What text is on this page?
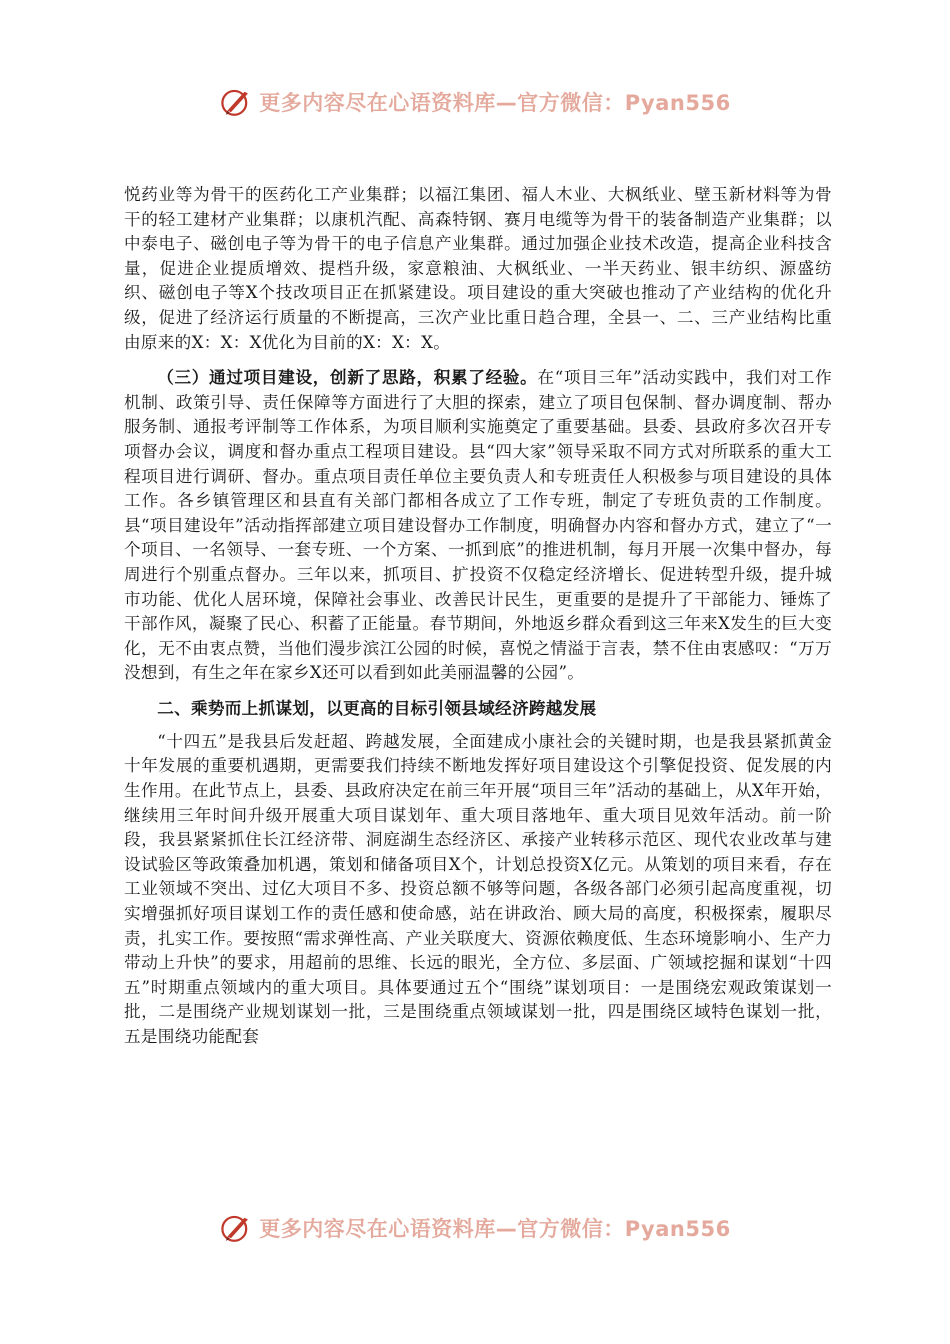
更多内容尽在心语资料库—官方微信：Pyan556

悦药业等为骨干的医药化工产业集群；以福江集团、福人木业、大枫纸业、壁玉新材料等为骨干的轻工建材产业集群；以康机汽配、高森特钢、赛月电缆等为骨干的装备制造产业集群；以中泰电子、磁创电子等为骨干的电子信息产业集群。通过加强企业技术改造，提高企业科技含量，促进企业提质增效、提档升级，家意粮油、大枫纸业、一半天药业、银丰纺织、源盛纺织、磁创电子等X个技改项目正在抓紧建设。项目建设的重大突破也推动了产业结构的优化升级，促进了经济运行质量的不断提高，三次产业比重日趋合理，全县一、二、三产业结构比重由原来的X：X：X优化为目前的X：X：X。

（三）通过项目建设，创新了思路，积累了经验。在“项目三年”活动实践中，我们对工作机制、政策引导、责任保障等方面进行了大胆的探索，建立了项目包保制、督办调度制、帮办服务制、通报考评制等工作体系，为项目顺利实施奠定了重要基础。县委、县政府多次召开专项督办会议，调度和督办重点工程项目建设。县“四大家”领导采取不同方式对所联系的重大工程项目进行调研、督办。重点项目责任单位主要负责人和专班责任人积极参与项目建设的具体工作。各乡镇管理区和县直有关部门都相各成立了工作专班，制定了专班负责的工作制度。县“项目建设年”活动指挥部建立项目建设督办工作制度，明确督办内容和督办方式，建立了“一个项目、一名领导、一套专班、一个方案、一抓到底”的推进机制，每月开展一次集中督办，每周进行个别重点督办。三年以来，抓项目、扩投资不仅稳定经济增长、促进转型升级，提升城市功能、优化人居环境，保障社会事业、改善民计民生，更重要的是提升了干部能力、锤炼了干部作风，凝聚了民心、积蓄了正能量。春节期间，外地返乡群众看到这三年来X发生的巨大变化，无不由衷点赞，当他们漫步滨江公园的时候，喜悦之情溢于言表，禁不住由衷感叹：“万万没想到，有生之年在家乡X还可以看到如此美丽温馨的公园”。

二、乘势而上抓谋划，以更高的目标引领县域经济跨越发展

“十四五”是我县后发赶超、跨越发展，全面建成小康社会的关键时期，也是我县紧抓黄金十年发展的重要机遇期，更需要我们持续不断地发挥好项目建设这个引擎促投资、促发展的内生作用。在此节点上，县委、县政府决定在前三年开展“项目三年”活动的基础上，从X年开始，继续用三年时间升级开展重大项目谋划年、重大项目落地年、重大项目见效年活动。前一阶段，我县紧紧抓住长江经济带、洞庭湖生态经济区、承接产业转移示范区、现代农业改革与建设试验区等政策叠加机遇，策划和储备项目X个，计划总投资X亿元。从策划的项目来看，存在工业领域不突出、过亿大项目不多、投资总额不够等问题，各级各部门必须引起高度重视，切实增强抓好项目谋划工作的责任感和使命感，站在讲政治、顾大局的高度，积极探索，履职尽责，扎实工作。要按照“需求弹性高、产业关联度大、资源依赖度低、生态环境影响小、生产力带动上升快”的要求，用超前的思维、长远的眼光，全方位、多层面、广领域挖掘和谋划“十四五”时期重点领域内的重大项目。具体要通过五个“围绕”谋划项目：一是围绕宏观政策谋划一批，二是围绕产业规划谋划一批，三是围绕重点领域谋划一批，四是围绕区域特色谋划一批，五是围绕功能配套

更多内容尽在心语资料库—官方微信：Pyan556
